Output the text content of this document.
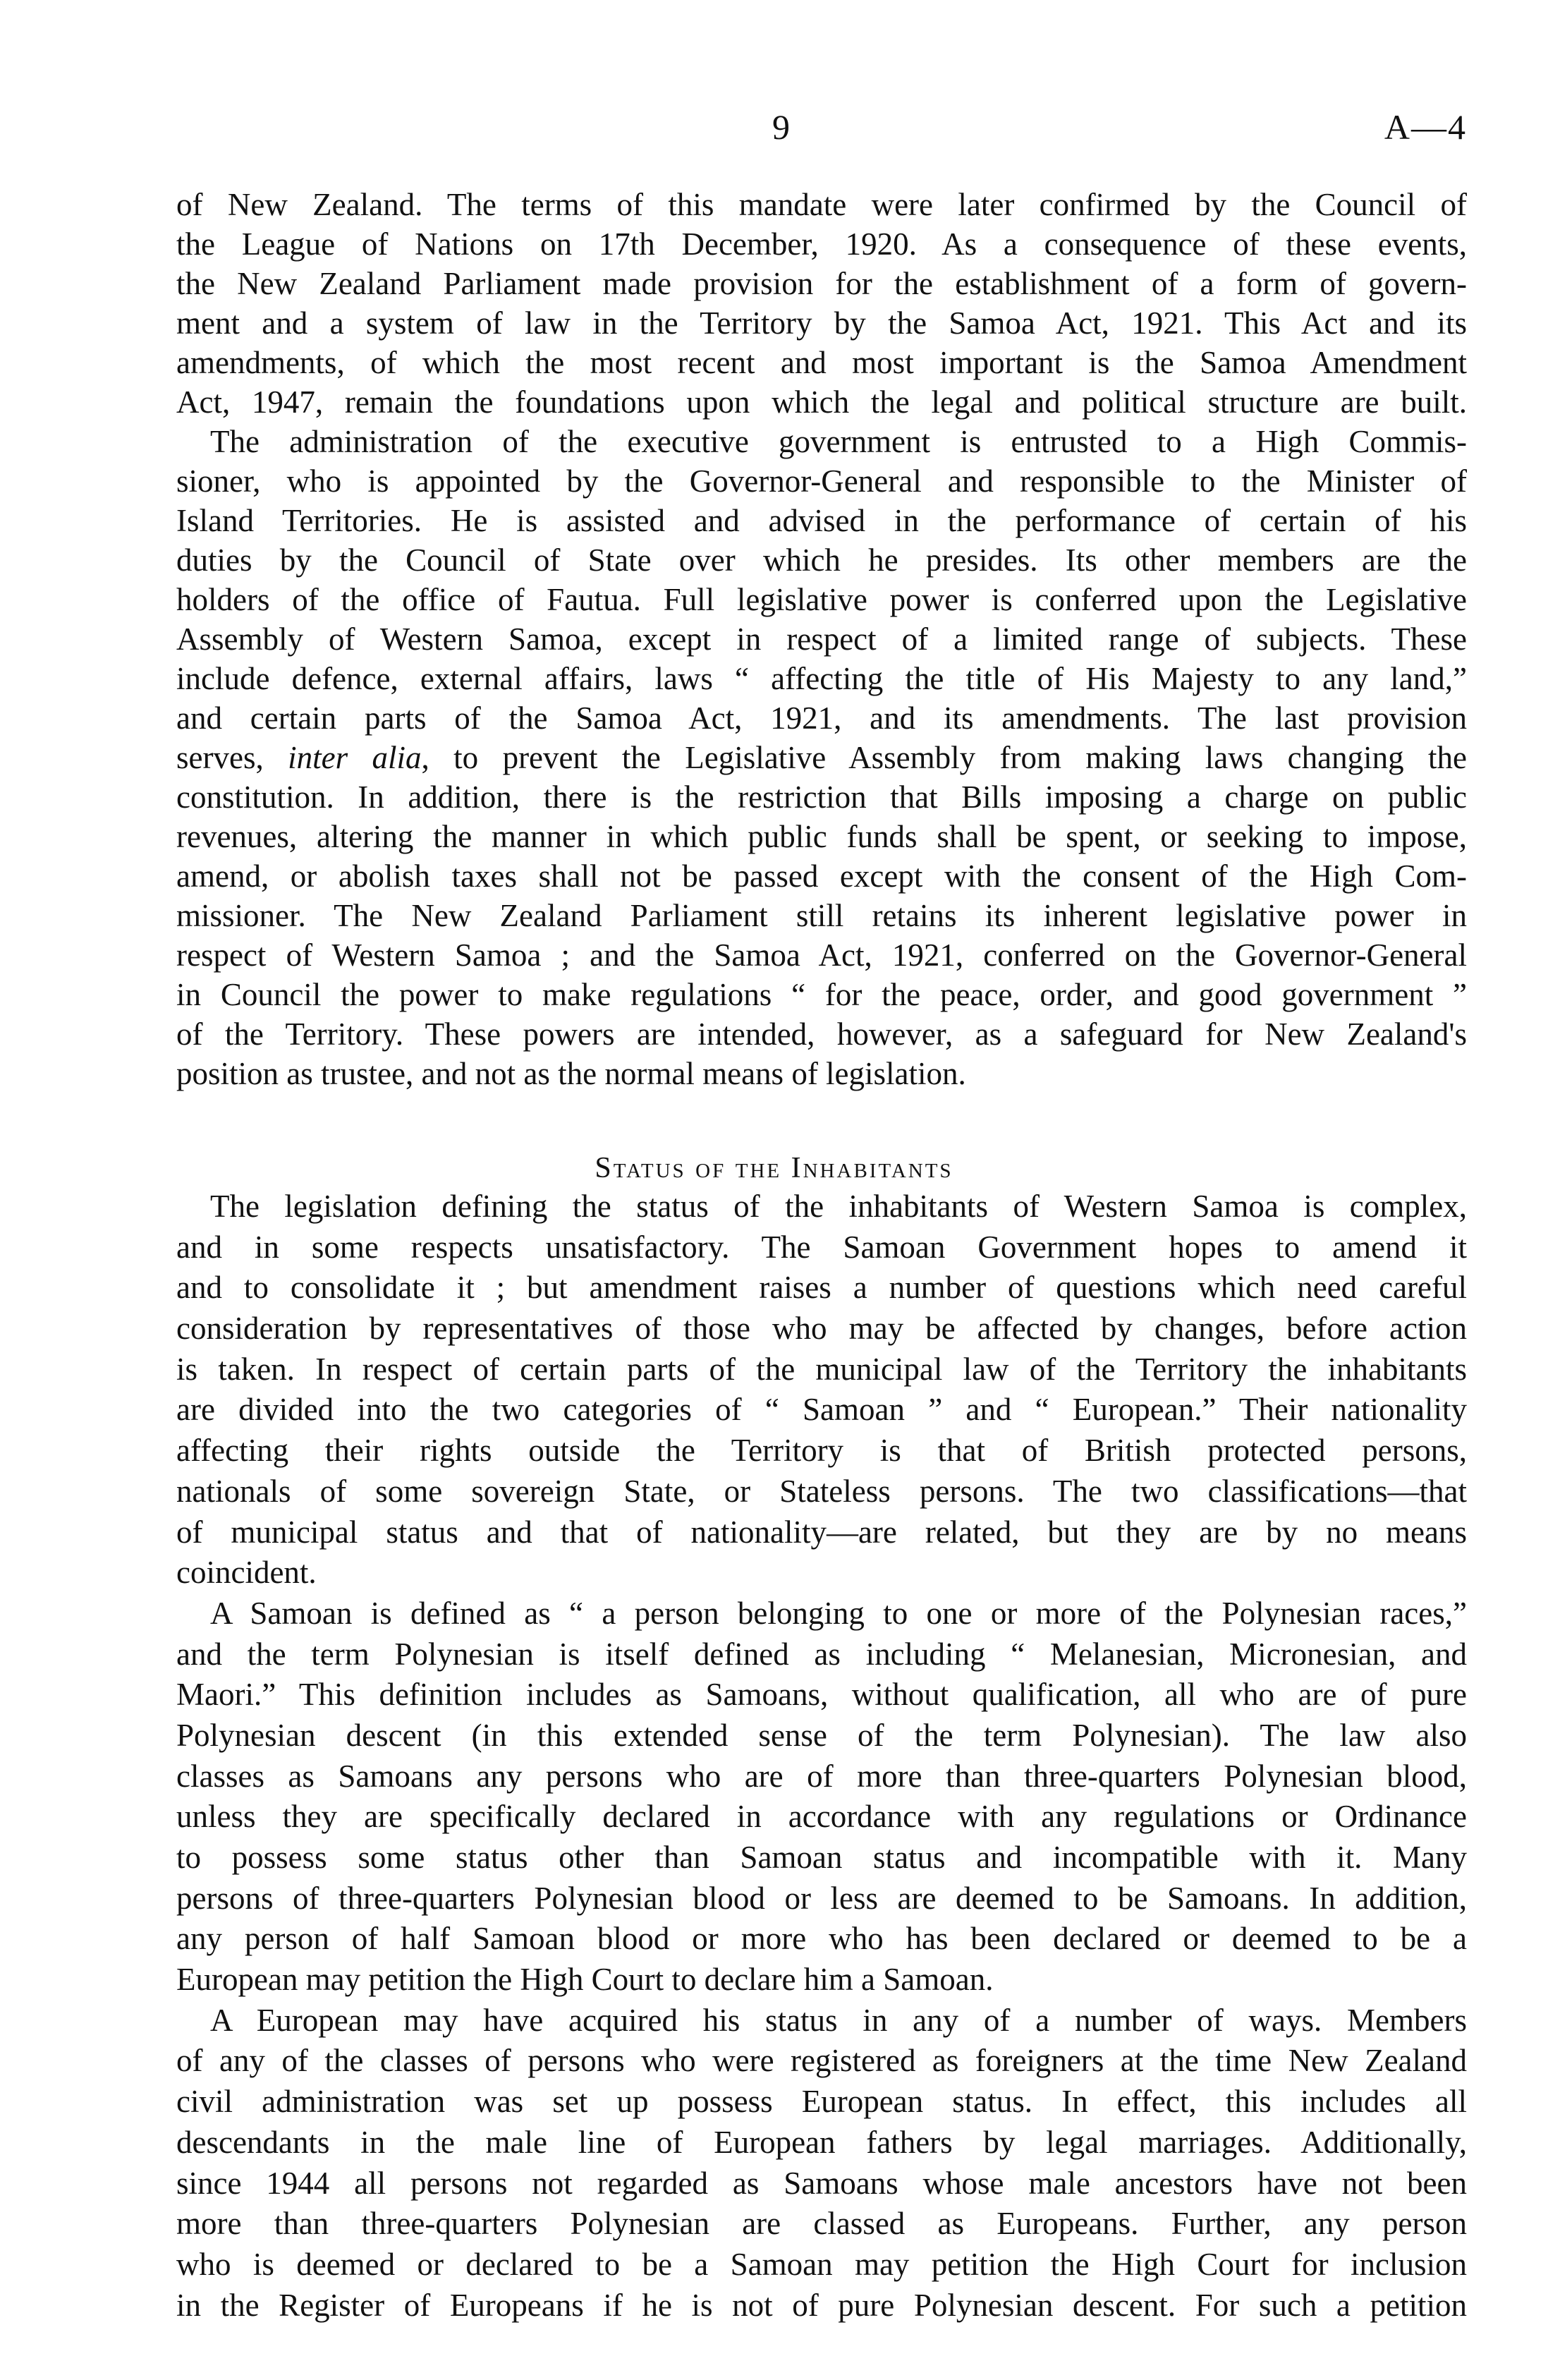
9	A—4
of New Zealand. The terms of this mandate were later confirmed by the Council of
the League of Nations on 17th December, 1920. As a consequence of these events,
the New Zealand Parliament made provision for the establishment of a form of govern-
ment and a system of law in the Territory by the Samoa Act, 1921. This Act and its
amendments, of which the most recent and most important is the Samoa Amendment
Act, 1947, remain the foundations upon which the legal and political structure are built.
The administration of the executive government is entrusted to a High Commis-
sioner, who is appointed by the Governor-General and responsible to the Minister of
Island Territories. He is assisted and advised in the performance of certain of his
duties by the Council of State over which he presides. Its other members are the
holders of the office of Fautua. Full legislative power is conferred upon the Legislative
Assembly of Western Samoa, except in respect of a limited range of subjects. These
include defence, external affairs, laws “ affecting the title of His Majesty to any land,”
and certain parts of the Samoa Act, 1921, and its amendments. The last provision
serves, inter alia, to prevent the Legislative Assembly from making laws changing the
constitution. In addition, there is the restriction that Bills imposing a charge on public
revenues, altering the manner in which public funds shall be spent, or seeking to impose,
amend, or abolish taxes shall not be passed except with the consent of the High Com-
missioner. The New Zealand Parliament still retains its inherent legislative power in
respect of Western Samoa ; and the Samoa Act, 1921, conferred on the Governor-General
in Council the power to make regulations “ for the peace, order, and good government ”
of the Territory. These powers are intended, however, as a safeguard for New Zealand's
position as trustee, and not as the normal means of legislation.
Status of the Inhabitants
The legislation defining the status of the inhabitants of Western Samoa is complex,
and in some respects unsatisfactory. The Samoan Government hopes to amend it
and to consolidate it ; but amendment raises a number of questions which need careful
consideration by representatives of those who may be affected by changes, before action
is taken. In respect of certain parts of the municipal law of the Territory the inhabitants
are divided into the two categories of “ Samoan ” and “ European.” Their nationality
affecting their rights outside the Territory is that of British protected persons,
nationals of some sovereign State, or Stateless persons. The two classifications—that
of municipal status and that of nationality—are related, but they are by no means
coincident.
A Samoan is defined as “ a person belonging to one or more of the Polynesian races,”
and the term Polynesian is itself defined as including “ Melanesian, Micronesian, and
Maori.” This definition includes as Samoans, without qualification, all who are of pure
Polynesian descent (in this extended sense of the term Polynesian). The law also
classes as Samoans any persons who are of more than three-quarters Polynesian blood,
unless they are specifically declared in accordance with any regulations or Ordinance
to possess some status other than Samoan status and incompatible with it. Many
persons of three-quarters Polynesian blood or less are deemed to be Samoans. In addition,
any person of half Samoan blood or more who has been declared or deemed to be a
European may petition the High Court to declare him a Samoan.
A European may have acquired his status in any of a number of ways. Members
of any of the classes of persons who were registered as foreigners at the time New Zealand
civil administration was set up possess European status. In effect, this includes all
descendants in the male line of European fathers by legal marriages. Additionally,
since 1944 all persons not regarded as Samoans whose male ancestors have not been
more than three-quarters Polynesian are classed as Europeans. Further, any person
who is deemed or declared to be a Samoan may petition the High Court for inclusion
in the Register of Europeans if he is not of pure Polynesian descent. For such a petition
